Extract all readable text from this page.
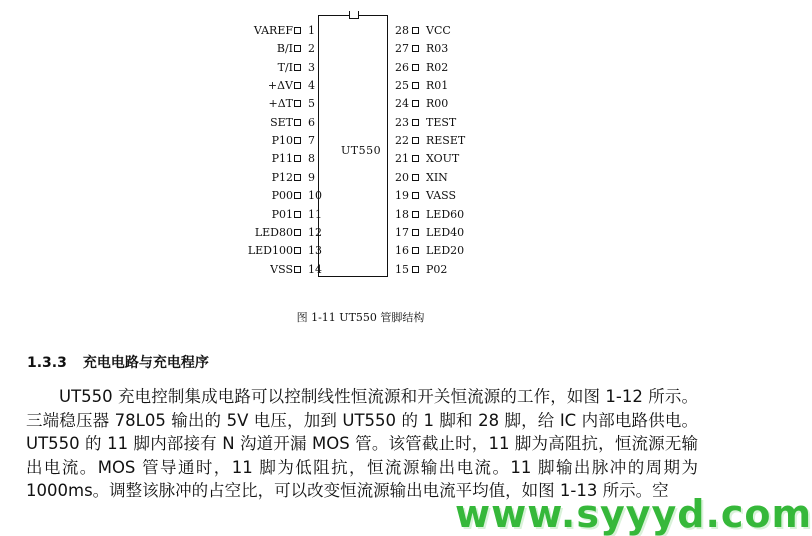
UT550
VAREF 1
B/I 2
T/I 3
+ΔV 4
+ΔT 5
SET 6
P10 7
P11 8
P12 9
P00 10
P01 11
LED80 12
LED100 13
VSS 14
28 VCC
27 R03
26 R02
25 R01
24 R00
23 TEST
22 RESET
21 XOUT
20 XIN
19 VASS
18 LED60
17 LED40
16 LED20
15 P02
图 1-11 UT550 管脚结构
1.3.3 充电电路与充电程序
UT550 充电控制集成电路可以控制线性恒流源和开关恒流源的工作，如图 1-12 所示。三端稳压器 78L05 输出的 5V 电压，加到 UT550 的 1 脚和 28 脚，给 IC 内部电路供电。UT550 的 11 脚内部接有 N 沟道开漏 MOS 管。该管截止时，11 脚为高阻抗，恒流源无输出电流。MOS 管导通时，11 脚为低阻抗，恒流源输出电流。11 脚输出脉冲的周期为 1000ms。调整该脉冲的占空比，可以改变恒流源输出电流平均值，如图 1-13 所示。空
www.syyyd.com
